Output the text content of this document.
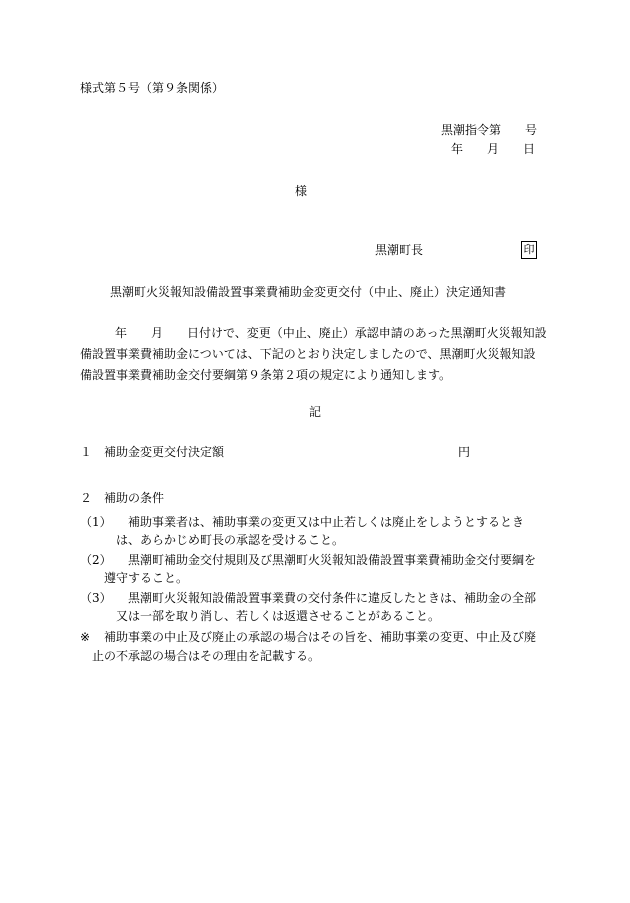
様式第５号（第９条関係）
黒潮指令第　　号
年　　月　　日
様
黒潮町長	印
黒潮町火災報知設備設置事業費補助金変更交付（中止、廃止）決定通知書
年　　月　　日付けで、変更（中止、廃止）承認申請のあった黒潮町火災報知設
備設置事業費補助金については、下記のとおり決定しましたので、黒潮町火災報知設
備設置事業費補助金交付要綱第９条第２項の規定により通知します。
記
１ 補助金変更交付決定額	円
２ 補助の条件
（1） 補助事業者は、補助事業の変更又は中止若しくは廃止をしようとするとき
は、あらかじめ町長の承認を受けること。
（2） 黒潮町補助金交付規則及び黒潮町火災報知設備設置事業費補助金交付要綱を
遵守すること。
（3） 黒潮町火災報知設備設置事業費の交付条件に違反したときは、補助金の全部
又は一部を取り消し、若しくは返還させることがあること。
※ 補助事業の中止及び廃止の承認の場合はその旨を、補助事業の変更、中止及び廃
止の不承認の場合はその理由を記載する。
